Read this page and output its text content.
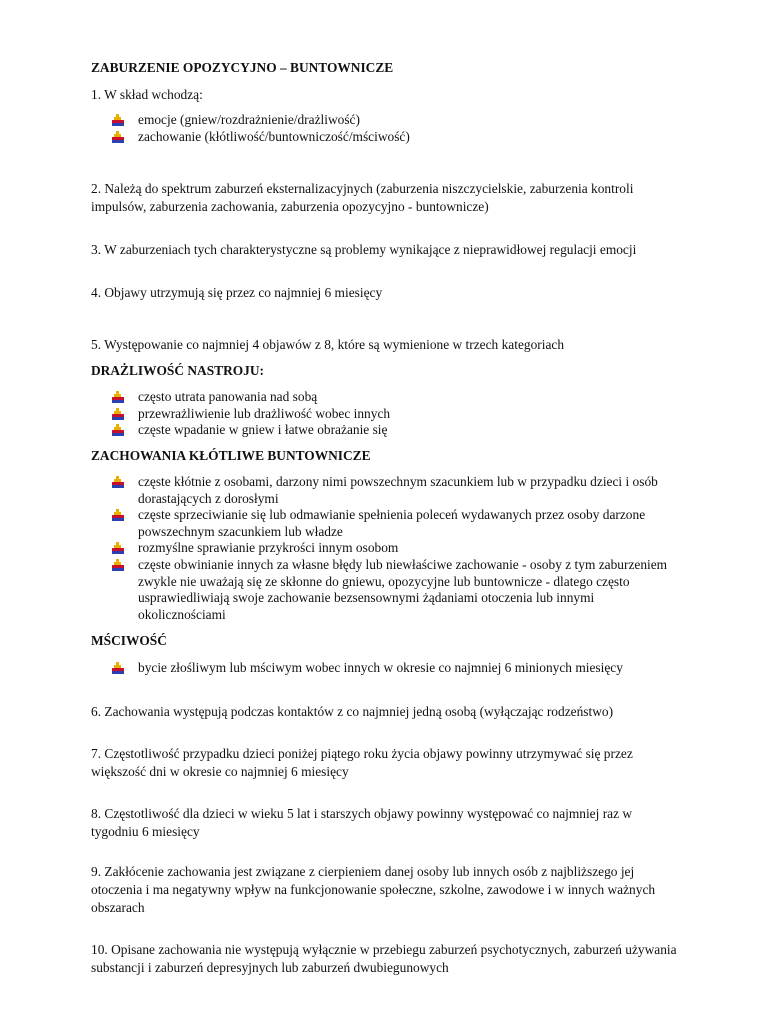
ZABURZENIE OPOZYCYJNO – BUNTOWNICZE

1. W skład wchodzą:

emocje (gniew/rozdrażnienie/drażliwość)
zachowanie (kłótliwość/buntowniczość/mściwość)

2. Należą do spektrum zaburzeń eksternalizacyjnych (zaburzenia niszczycielskie, zaburzenia kontroli impulsów, zaburzenia zachowania, zaburzenia opozycyjno - buntownicze)

3. W zaburzeniach tych charakterystyczne są problemy wynikające z nieprawidłowej regulacji emocji

4. Objawy utrzymują się przez co najmniej 6 miesięcy

5. Występowanie co najmniej 4 objawów z 8, które są wymienione w trzech kategoriach

DRAŻLIWOŚĆ NASTROJU:

często utrata panowania nad sobą
przewrażliwienie lub drażliwość wobec innych
częste wpadanie w gniew i łatwe obrażanie się

ZACHOWANIA KŁÓTLIWE BUNTOWNICZE

częste kłótnie z osobami, darzony nimi powszechnym szacunkiem lub w przypadku dzieci i osób dorastających z dorosłymi
częste sprzeciwianie się lub odmawianie spełnienia poleceń wydawanych przez osoby darzone powszechnym szacunkiem lub władze
rozmyślne sprawianie przykrości innym osobom
częste obwinianie innych za własne błędy lub niewłaściwe zachowanie - osoby z tym zaburzeniem zwykle nie uważają się ze skłonne do gniewu, opozycyjne lub buntownicze - dlatego często usprawiedliwiają swoje zachowanie bezsensownymi żądaniami otoczenia lub innymi okolicznościami

MŚCIWOŚĆ

bycie złośliwym lub mściwym wobec innych w okresie co najmniej 6 minionych miesięcy

6. Zachowania występują podczas kontaktów z co najmniej jedną osobą (wyłączając rodzeństwo)

7. Częstotliwość przypadku dzieci poniżej piątego roku życia objawy powinny utrzymywać się przez większość dni w okresie co najmniej 6 miesięcy

8. Częstotliwość dla dzieci w wieku 5 lat i starszych objawy powinny występować co najmniej raz w tygodniu 6 miesięcy

9. Zakłócenie zachowania jest związane z cierpieniem danej osoby lub innych osób z najbliższego jej otoczenia i ma negatywny wpływ na funkcjonowanie społeczne, szkolne, zawodowe i w innych ważnych obszarach

10. Opisane zachowania nie występują wyłącznie w przebiegu zaburzeń psychotycznych, zaburzeń używania substancji i zaburzeń depresyjnych lub zaburzeń dwubiegunowych
